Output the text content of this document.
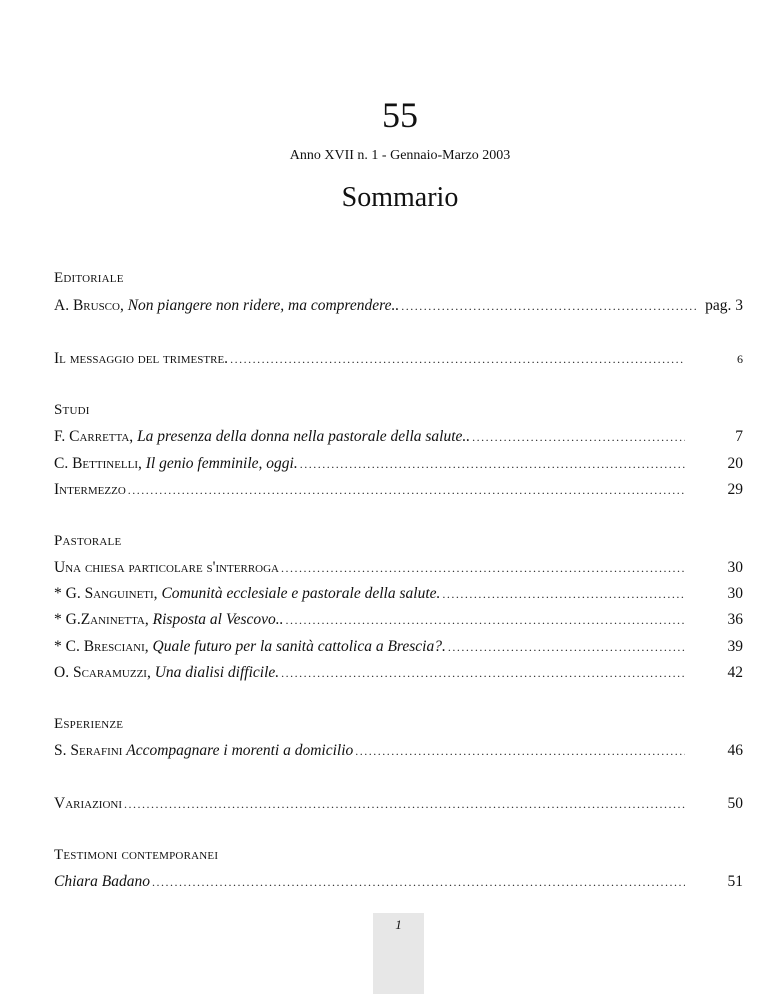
55
Anno XVII n. 1 - Gennaio-Marzo 2003
Sommario
Editoriale
A. Brusco, Non piangere non ridere, ma comprendere.. .....	pag. 3
Il messaggio del trimestre. .....	6
Studi
F. Carretta, La presenza della donna nella pastorale della salute.. .....	7
C. Bettinelli, Il genio femminile, oggi. .....	20
Intermezzo .....	29
Pastorale
Una chiesa particolare s'interroga .....	30
* G. Sanguineti, Comunità ecclesiale e pastorale della salute. .....	30
* G.Zaninetta, Risposta al Vescovo.. .....	36
* C. Bresciani, Quale futuro per la sanità cattolica a Brescia?. .....	39
O. Scaramuzzi, Una dialisi difficile. .....	42
Esperienze
S. Serafini Accompagnare i morenti a domicilio .....	46
Variazioni .....	50
Testimoni contemporanei
Chiara Badano .....	51
1
